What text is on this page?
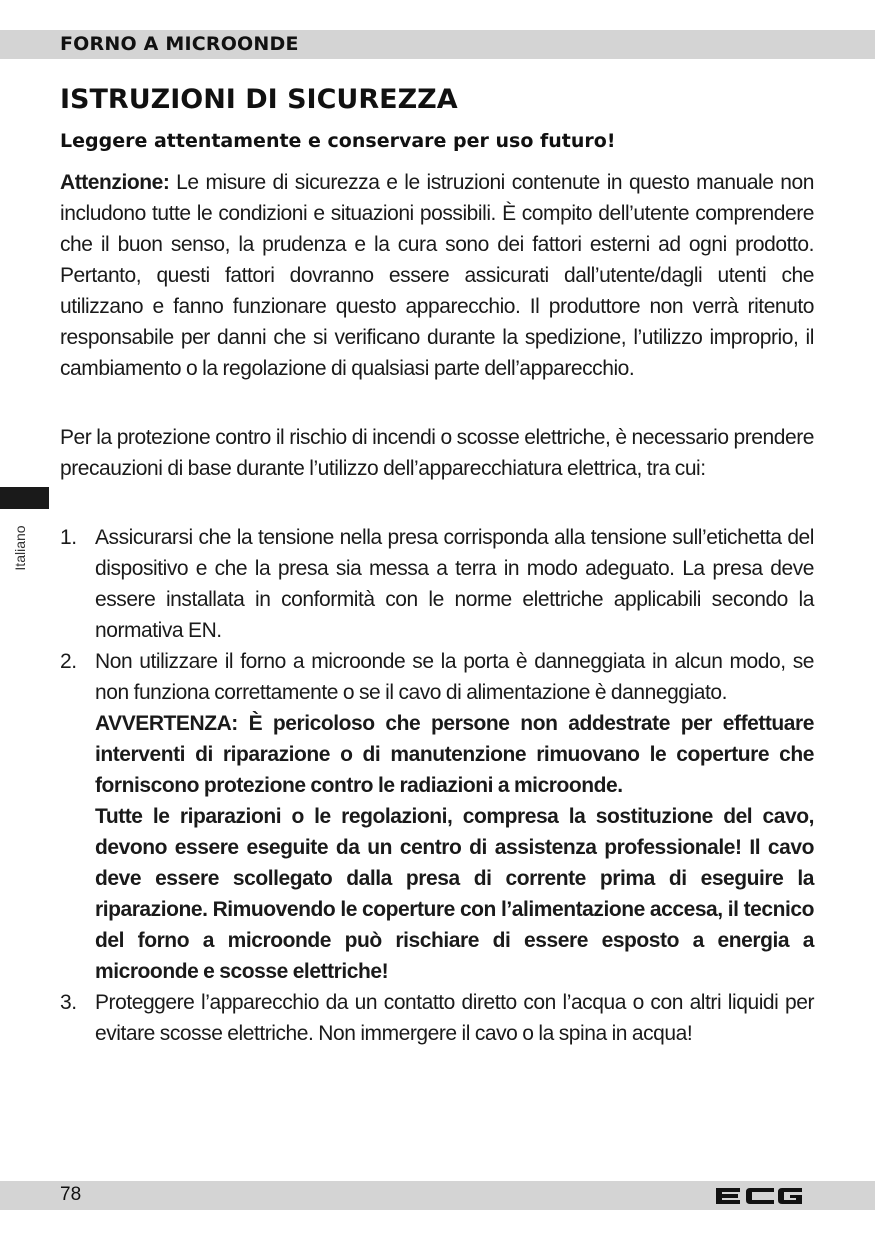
FORNO A MICROONDE
ISTRUZIONI DI SICUREZZA
Leggere attentamente e conservare per uso futuro!
Attenzione: Le misure di sicurezza e le istruzioni contenute in questo manuale non includono tutte le condizioni e situazioni possibili. È compito dell’utente comprendere che il buon senso, la prudenza e la cura sono dei fattori esterni ad ogni prodotto. Pertanto, questi fattori dovranno essere assicurati dall’utente/dagli utenti che utilizzano e fanno funzionare questo apparecchio. Il produttore non verrà ritenuto responsabile per danni che si verificano durante la spedizione, l’utilizzo improprio, il cambiamento o la regolazione di qualsiasi parte dell’apparecchio.
Per la protezione contro il rischio di incendi o scosse elettriche, è necessario prendere precauzioni di base durante l’utilizzo dell’apparecchiatura elettrica, tra cui:
1. Assicurarsi che la tensione nella presa corrisponda alla tensione sull’etichetta del dispositivo e che la presa sia messa a terra in modo adeguato. La presa deve essere installata in conformità con le norme elettriche applicabili secondo la normativa EN.
2. Non utilizzare il forno a microonde se la porta è danneggiata in alcun modo, se non funziona correttamente o se il cavo di alimentazione è danneggiato.
AVVERTENZA: È pericoloso che persone non addestrate per effettuare interventi di riparazione o di manutenzione rimuovano le coperture che forniscono protezione contro le radiazioni a microonde.
Tutte le riparazioni o le regolazioni, compresa la sostituzione del cavo, devono essere eseguite da un centro di assistenza professionale! Il cavo deve essere scollegato dalla presa di corrente prima di eseguire la riparazione. Rimuovendo le coperture con l’alimentazione accesa, il tecnico del forno a microonde può rischiare di essere esposto a energia a microonde e scosse elettriche!
3. Proteggere l’apparecchio da un contatto diretto con l’acqua o con altri liquidi per evitare scosse elettriche. Non immergere il cavo o la spina in acqua!
Italiano
78
